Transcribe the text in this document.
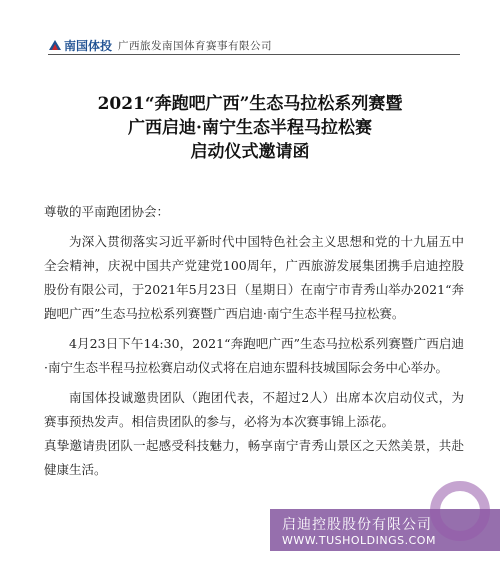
南国体投 广西旅发南国体育赛事有限公司
2021“奔跑吧广西”生态马拉松系列赛暨
广西启迪·南宁生态半程马拉松赛
启动仪式邀请函

尊敬的平南跑团协会：

为深入贯彻落实习近平新时代中国特色社会主义思想和党的十九届五中全会精神，庆祝中国共产党建党100周年，广西旅游发展集团携手启迪控股股份有限公司，于2021年5月23日（星期日）在南宁市青秀山举办2021“奔跑吧广西”生态马拉松系列赛暨广西启迪·南宁生态半程马拉松赛。

4月23日下午14:30，2021“奔跑吧广西”生态马拉松系列赛暨广西启迪·南宁生态半程马拉松赛启动仪式将在启迪东盟科技城国际会务中心举办。

南国体投诚邀贵团队（跑团代表，不超过2人）出席本次启动仪式，为赛事预热发声。相信贵团队的参与，必将为本次赛事锦上添花。

真挚邀请贵团队一起感受科技魅力，畅享南宁青秀山景区之天然美景，共赴健康生活。

启迪控股股份有限公司
WWW.TUSHOLDINGS.COM
